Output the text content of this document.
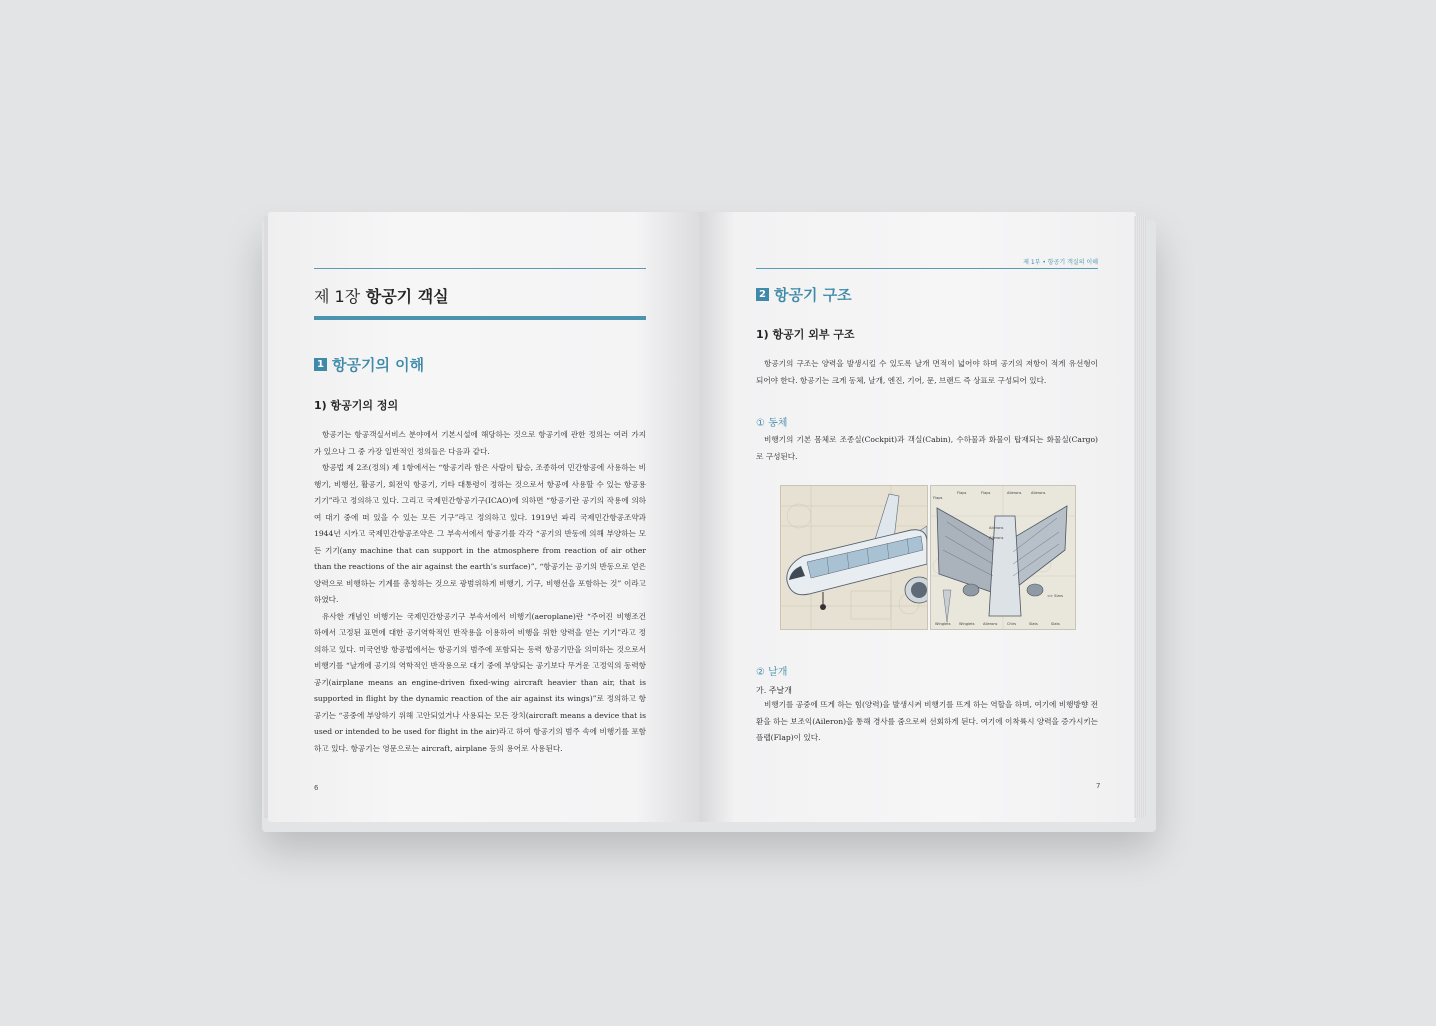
제 1장 항공기 객실
1 항공기의 이해
1) 항공기의 정의

항공기는 항공객실서비스 분야에서 기본시설에 해당하는 것으로 항공기에 관한 정의는 여러 가지가 있으나 그 중 가장 일반적인 정의들은 다음과 같다.

항공법 제 2조(정의) 제 1항에서는 “항공기라 함은 사람이 탑승, 조종하여 민간항공에 사용하는 비행기, 비행선, 활공기, 회전익 항공기, 기타 대통령이 정하는 것으로서 항공에 사용할 수 있는 항공용 기기”라고 정의하고 있다. 그리고 국제민간항공기구(ICAO)에 의하면 “항공기란 공기의 작용에 의하여 대기 중에 떠 있을 수 있는 모든 기구”라고 정의하고 있다. 1919년 파리 국제민간항공조약과 1944년 시카고 국제민간항공조약은 그 부속서에서 항공기를 각각 “공기의 반동에 의해 부양하는 모든 기기(any machine that can support in the atmosphere from reaction of air other than the reactions of the air against the earth’s surface)”, “항공기는 공기의 반동으로 얻은 양력으로 비행하는 기계를 총칭하는 것으로 광범위하게 비행기, 기구, 비행선을 포함하는 것” 이라고 하였다.

유사한 개념인 비행기는 국제민간항공기구 부속서에서 비행기(aeroplane)란 “주어진 비행조건 하에서 고정된 표면에 대한 공기역학적인 반작용을 이용하여 비행을 위한 양력을 얻는 기기”라고 정의하고 있다. 미국연방 항공법에서는 항공기의 범주에 포함되는 동력 항공기만을 의미하는 것으로서 비행기를 “날개에 공기의 역학적인 반작용으로 대기 중에 부양되는 공기보다 무거운 고정익의 동력항공기(airplane means an engine-driven fixed-wing aircraft heavier than air, that is supported in flight by the dynamic reaction of the air against its wings)”로 정의하고 항공기는 “공중에 부양하기 위해 고안되었거나 사용되는 모든 장치(aircraft means a device that is used or intended to be used for flight in the air)라고 하여 항공기의 범주 속에 비행기를 포함하고 있다. 항공기는 영문으로는 aircraft, airplane 등의 용어로 사용된다.

6
제 1부 • 항공기 객실의 이해
2 항공기 구조
1) 항공기 외부 구조

항공기의 구조는 양력을 발생시킬 수 있도록 날개 면적이 넓어야 하며 공기의 저항이 적게 유선형이 되어야 한다. 항공기는 크게 동체, 날개, 엔진, 기어, 문, 브랜드 즉 상표로 구성되어 있다.

① 동체

비행기의 기본 몸체로 조종실(Cockpit)과 객실(Cabin), 수하물과 화물이 탑재되는 화물실(Cargo)로 구성된다.

Flaps
Flaps	Flaps	Ailerons	Ailerons
Ailerons
Ailerons
<> Slars
Winglets Winglets Ailerons	Chirs	Slats	Slats
② 날개
가. 주날개

비행기를 공중에 뜨게 하는 힘(양력)을 발생시켜 비행기를 뜨게 하는 역할을 하며, 여기에 비행방향 전환을 하는 보조익(Aileron)을 통해 경사를 줌으로써 선회하게 된다. 여기에 이착륙시 양력을 증가시키는 플랩(Flap)이 있다.

7
